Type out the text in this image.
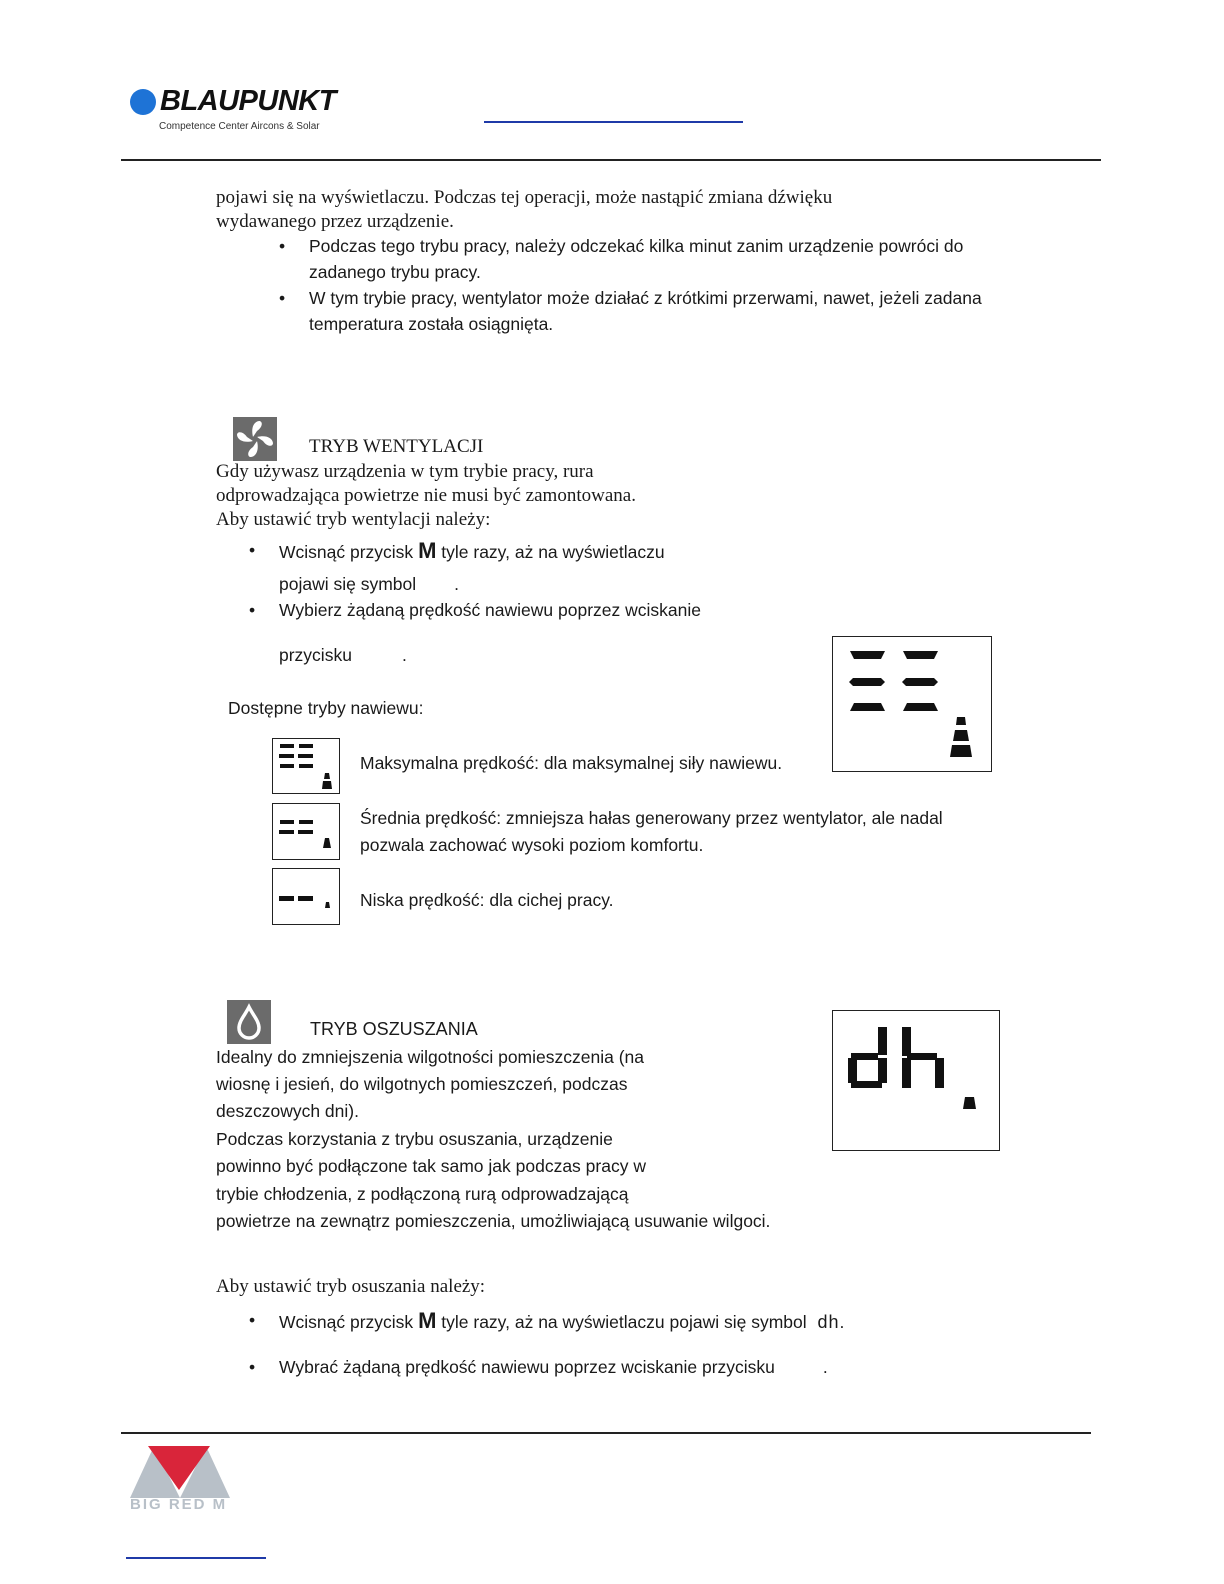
BLAUPUNKT
Competence Center Aircons & Solar
pojawi się na wyświetlaczu. Podczas tej operacji, może nastąpić zmiana dźwięku
wydawanego przez urządzenie.
• Podczas tego trybu pracy, należy odczekać kilka minut zanim urządzenie powróci do zadanego trybu pracy.
• W tym trybie pracy, wentylator może działać z krótkimi przerwami, nawet, jeżeli zadana temperatura została osiągnięta.
TRYB WENTYLACJI
Gdy używasz urządzenia w tym trybie pracy, rura
odprowadzająca powietrze nie musi być zamontowana.
Aby ustawić tryb wentylacji należy:
• Wcisnąć przycisk M tyle razy, aż na wyświetlaczu
pojawi się symbol .
• Wybierz żądaną prędkość nawiewu poprzez wciskanie
przycisku	.
Dostępne tryby nawiewu:
Maksymalna prędkość: dla maksymalnej siły nawiewu.
Średnia prędkość: zmniejsza hałas generowany przez wentylator, ale nadal pozwala zachować wysoki poziom komfortu.
Niska prędkość: dla cichej pracy.
TRYB OSZUSZANIA
Idealny do zmniejszenia wilgotności pomieszczenia (na
wiosnę i jesień, do wilgotnych pomieszczeń, podczas
deszczowych dni).
Podczas korzystania z trybu osuszania, urządzenie
powinno być podłączone tak samo jak podczas pracy w
trybie chłodzenia, z podłączoną rurą odprowadzającą
powietrze na zewnątrz pomieszczenia, umożliwiającą usuwanie wilgoci.
Aby ustawić tryb osuszania należy:
• Wcisnąć przycisk M tyle razy, aż na wyświetlaczu pojawi się symbol dh.
• Wybrać żądaną prędkość nawiewu poprzez wciskanie przycisku	.
BIG RED M
